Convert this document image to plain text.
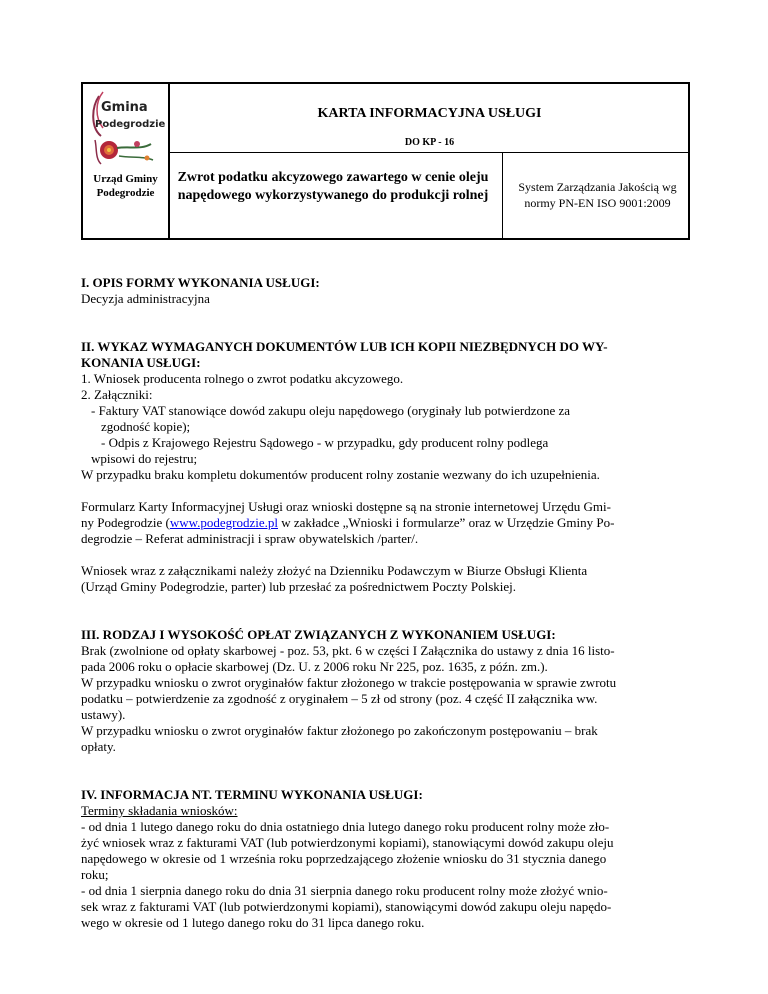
Gmina
Podegrodzie
Urząd Gminy Podegrodzie
KARTA INFORMACYJNA USŁUGI
DO KP - 16
Zwrot podatku akcyzowego zawartego w cenie oleju napędowego wykorzystywanego do produkcji rolnej
System Zarządzania Jakością wg normy PN-EN ISO 9001:2009

I. OPIS FORMY WYKONANIA USŁUGI:

Decyzja administracyjna

II. WYKAZ WYMAGANYCH DOKUMENTÓW LUB ICH KOPII NIEZBĘDNYCH DO WY-

KONANIA USŁUGI:

1. Wniosek producenta rolnego o zwrot podatku akcyzowego.

2. Załączniki:

- Faktury VAT stanowiące dowód zakupu oleju napędowego (oryginały lub potwierdzone za

zgodność kopie);

- Odpis z Krajowego Rejestru Sądowego - w przypadku, gdy producent rolny podlega

wpisowi do rejestru;

W przypadku braku kompletu dokumentów producent rolny zostanie wezwany do ich uzupełnienia.

Formularz Karty Informacyjnej Usługi oraz wnioski dostępne są na stronie internetowej Urzędu Gmi-

ny Podegrodzie (www.podegrodzie.pl w zakładce „Wnioski i formularze” oraz w Urzędzie Gminy Po-

degrodzie – Referat administracji i spraw obywatelskich /parter/.

Wniosek wraz z załącznikami należy złożyć na Dzienniku Podawczym w Biurze Obsługi Klienta

(Urząd Gminy Podegrodzie, parter) lub przesłać za pośrednictwem Poczty Polskiej.

III. RODZAJ I WYSOKOŚĆ OPŁAT ZWIĄZANYCH Z WYKONANIEM USŁUGI:

Brak (zwolnione od opłaty skarbowej - poz. 53, pkt. 6 w części I Załącznika do ustawy z dnia 16 listo-

pada 2006 roku o opłacie skarbowej (Dz. U. z 2006 roku Nr 225, poz. 1635, z późn. zm.).

W przypadku wniosku o zwrot oryginałów faktur złożonego w trakcie postępowania w sprawie zwrotu

podatku – potwierdzenie za zgodność z oryginałem – 5 zł od strony (poz. 4 część II załącznika ww.

ustawy).

W przypadku wniosku o zwrot oryginałów faktur złożonego po zakończonym postępowaniu – brak

opłaty.

IV. INFORMACJA NT. TERMINU WYKONANIA USŁUGI:

Terminy składania wniosków:

- od dnia 1 lutego danego roku do dnia ostatniego dnia lutego danego roku producent rolny może zło-

żyć wniosek wraz z fakturami VAT (lub potwierdzonymi kopiami), stanowiącymi dowód zakupu oleju

napędowego w okresie od 1 września roku poprzedzającego złożenie wniosku do 31 stycznia danego

roku;

- od dnia 1 sierpnia danego roku do dnia 31 sierpnia danego roku producent rolny może złożyć wnio-

sek wraz z fakturami VAT (lub potwierdzonymi kopiami), stanowiącymi dowód zakupu oleju napędo-

wego w okresie od 1 lutego danego roku do 31 lipca danego roku.
